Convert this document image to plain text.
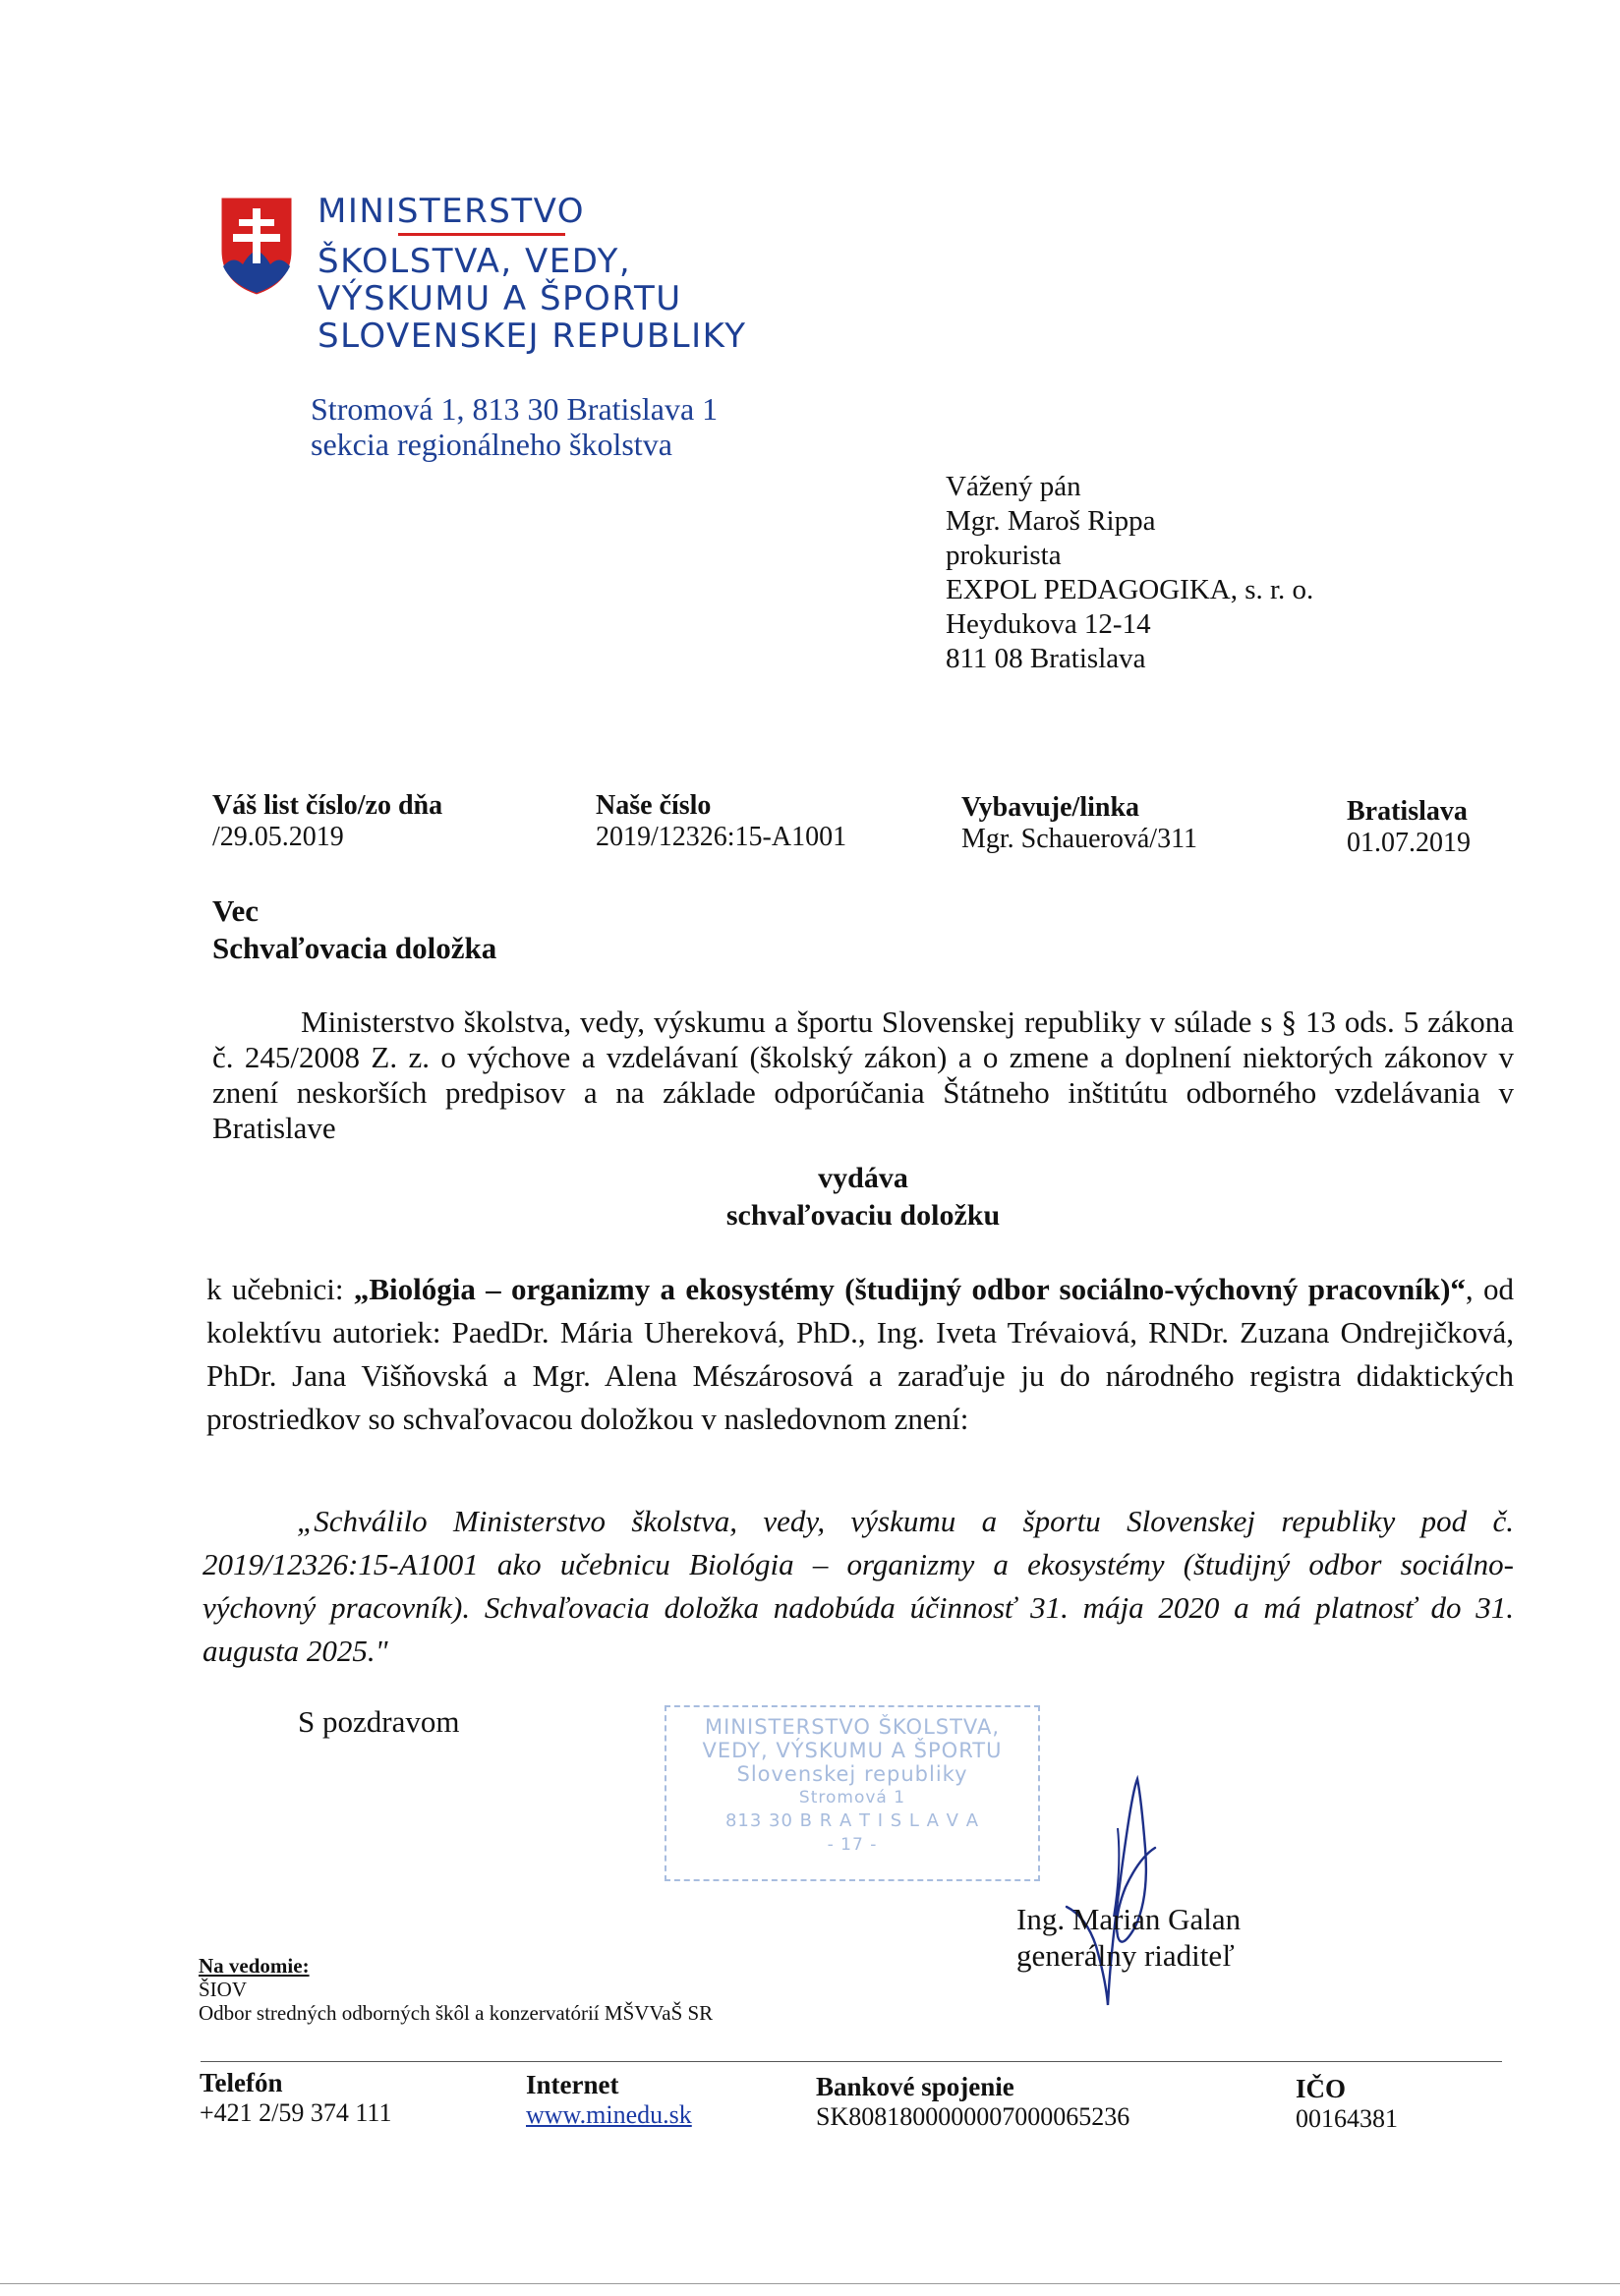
MINISTERSTVO
ŠKOLSTVA, VEDY,
VÝSKUMU A ŠPORTU
SLOVENSKEJ REPUBLIKY
Stromová 1, 813 30 Bratislava 1
sekcia regionálneho školstva
Vážený pán
Mgr. Maroš Rippa
prokurista
EXPOL PEDAGOGIKA, s. r. o.
Heydukova 12-14
811 08 Bratislava
Váš list číslo/zo dňa
/29.05.2019
Naše číslo
2019/12326:15-A1001
Vybavuje/linka
Mgr. Schauerová/311
Bratislava
01.07.2019
Vec
Schvaľovacia doložka
Ministerstvo školstva, vedy, výskumu a športu Slovenskej republiky v súlade s § 13 ods. 5 zákona č. 245/2008 Z. z. o výchove a vzdelávaní (školský zákon) a o zmene a doplnení niektorých zákonov v znení neskorších predpisov a na základe odporúčania Štátneho inštitútu odborného vzdelávania v Bratislave
vydáva
schvaľovaciu doložku
k učebnici: „Biológia – organizmy a ekosystémy (študijný odbor sociálno-výchovný pracovník)“, od kolektívu autoriek: PaedDr. Mária Uhereková, PhD., Ing. Iveta Trévaiová, RNDr. Zuzana Ondrejičková, PhDr. Jana Višňovská a Mgr. Alena Mészárosová a zaraďuje ju do národného registra didaktických prostriedkov so schvaľovacou doložkou v nasledovnom znení:
„Schválilo Ministerstvo školstva, vedy, výskumu a športu Slovenskej republiky pod č. 2019/12326:15-A1001 ako učebnicu Biológia – organizmy a ekosystémy (študijný odbor sociálno-výchovný pracovník). Schvaľovacia doložka nadobúda účinnosť 31. mája 2020 a má platnosť do 31. augusta 2025."
S pozdravom	MINISTERSTVO ŠKOLSTVA,
VEDY, VÝSKUMU A ŠPORTU
Slovenskej republiky
Stromová 1
813 30 B R A T I S L A V A
- 17 -
Ing. Marian Galan
generálny riaditeľ
Na vedomie:
ŠIOV
Odbor stredných odborných škôl a konzervatórií MŠVVaŠ SR
Telefón
+421 2/59 374 111
Internet
www.minedu.sk
Bankové spojenie
SK8081800000007000065236
IČO
00164381
